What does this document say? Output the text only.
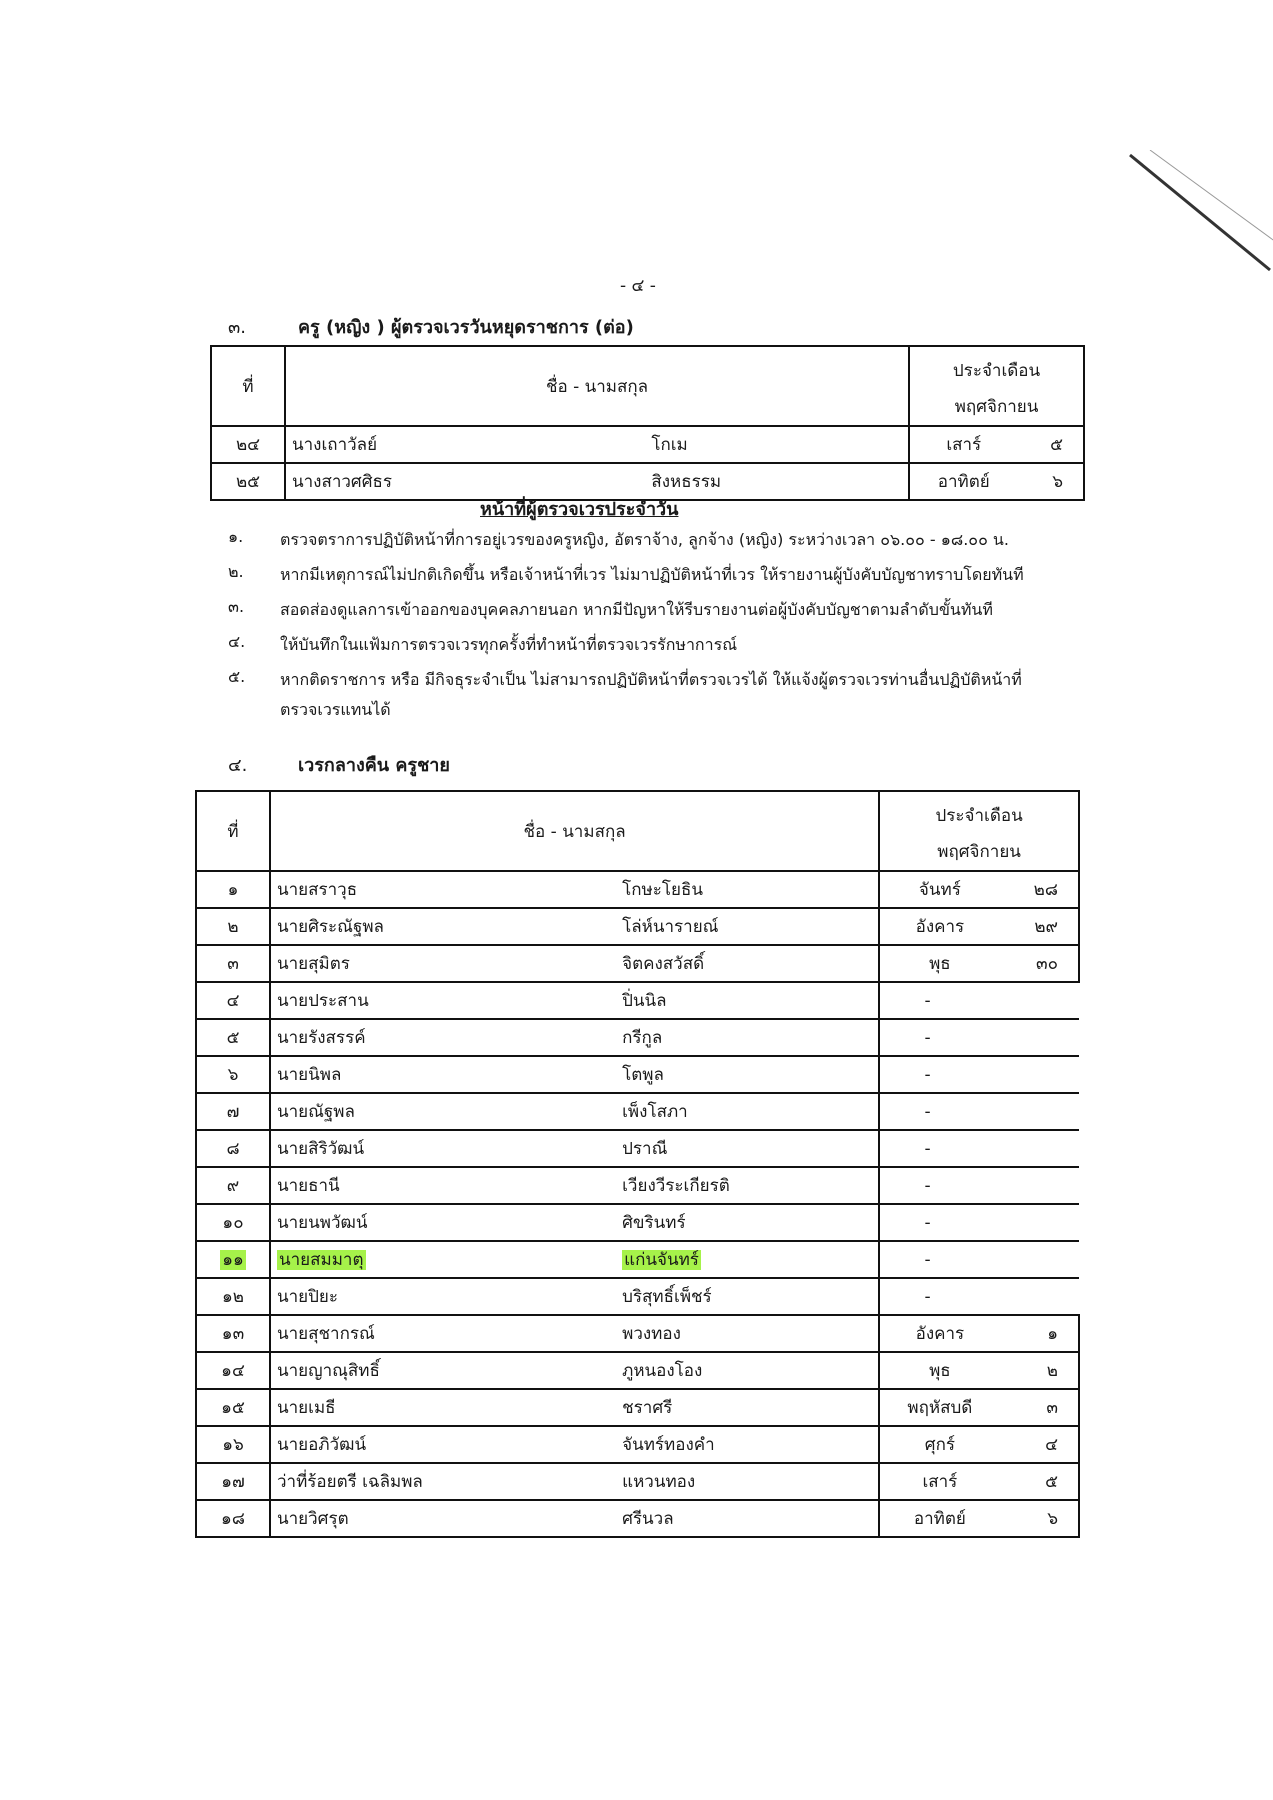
- ๔ -
๓.	ครู (หญิง ) ผู้ตรวจเวรวันหยุดราชการ (ต่อ)
ที่	ชื่อ - นามสกุล		ประจำเดือน
พฤศจิกายน	

๒๔	นางเถาวัลย์	โกเม	เสาร์	๕
๒๕	นางสาวศศิธร	สิงหธรรม	อาทิตย์	๖
หน้าที่ผู้ตรวจเวรประจำวัน
๑.	ตรวจตราการปฏิบัติหน้าที่การอยู่เวรของครูหญิง, อัตราจ้าง, ลูกจ้าง (หญิง) ระหว่างเวลา ๐๖.๐๐ - ๑๘.๐๐ น.
๒.	หากมีเหตุการณ์ไม่ปกติเกิดขึ้น หรือเจ้าหน้าที่เวร ไม่มาปฏิบัติหน้าที่เวร ให้รายงานผู้บังคับบัญชาทราบโดยทันที
๓.	สอดส่องดูแลการเข้าออกของบุคคลภายนอก หากมีปัญหาให้รีบรายงานต่อผู้บังคับบัญชาตามลำดับขั้นทันที
๔.	ให้บันทึกในแฟ้มการตรวจเวรทุกครั้งที่ทำหน้าที่ตรวจเวรรักษาการณ์
๕.	หากติดราชการ หรือ มีกิจธุระจำเป็น ไม่สามารถปฏิบัติหน้าที่ตรวจเวรได้ ให้แจ้งผู้ตรวจเวรท่านอื่นปฏิบัติหน้าที่
ตรวจเวรแทนได้
๔.	เวรกลางคืน ครูชาย
ที่	ชื่อ - นามสกุล		ประจำเดือน
พฤศจิกายน	

๑	นายสราวุธ	โกษะโยธิน	จันทร์	๒๘
๒	นายศิระณัฐพล	โล่ห์นารายณ์	อังคาร	๒๙
๓	นายสุมิตร	จิตคงสวัสดิ์	พุธ	๓๐
๔	นายประสาน	ปิ่นนิล	-	
๕	นายรังสรรค์	กรีกูล	-	
๖	นายนิพล	โตพูล	-	
๗	นายณัฐพล	เพ็งโสภา	-	
๘	นายสิริวัฒน์	ปราณี	-	
๙	นายธานี	เวียงวีระเกียรติ	-	
๑๐	นายนพวัฒน์	ศิขรินทร์	-	
๑๑	นายสมมาตุ	แก่นจันทร์	-	
๑๒	นายปิยะ	บริสุทธิ์เพ็ชร์	-	
๑๓	นายสุชากรณ์	พวงทอง	อังคาร	๑
๑๔	นายญาณุสิทธิ์	ภูหนองโอง	พุธ	๒
๑๕	นายเมธี	ชราศรี	พฤหัสบดี	๓
๑๖	นายอภิวัฒน์	จันทร์ทองคำ	ศุกร์	๔
๑๗	ว่าที่ร้อยตรี เฉลิมพล	แหวนทอง	เสาร์	๕
๑๘	นายวิศรุต	ศรีนวล	อาทิตย์	๖
